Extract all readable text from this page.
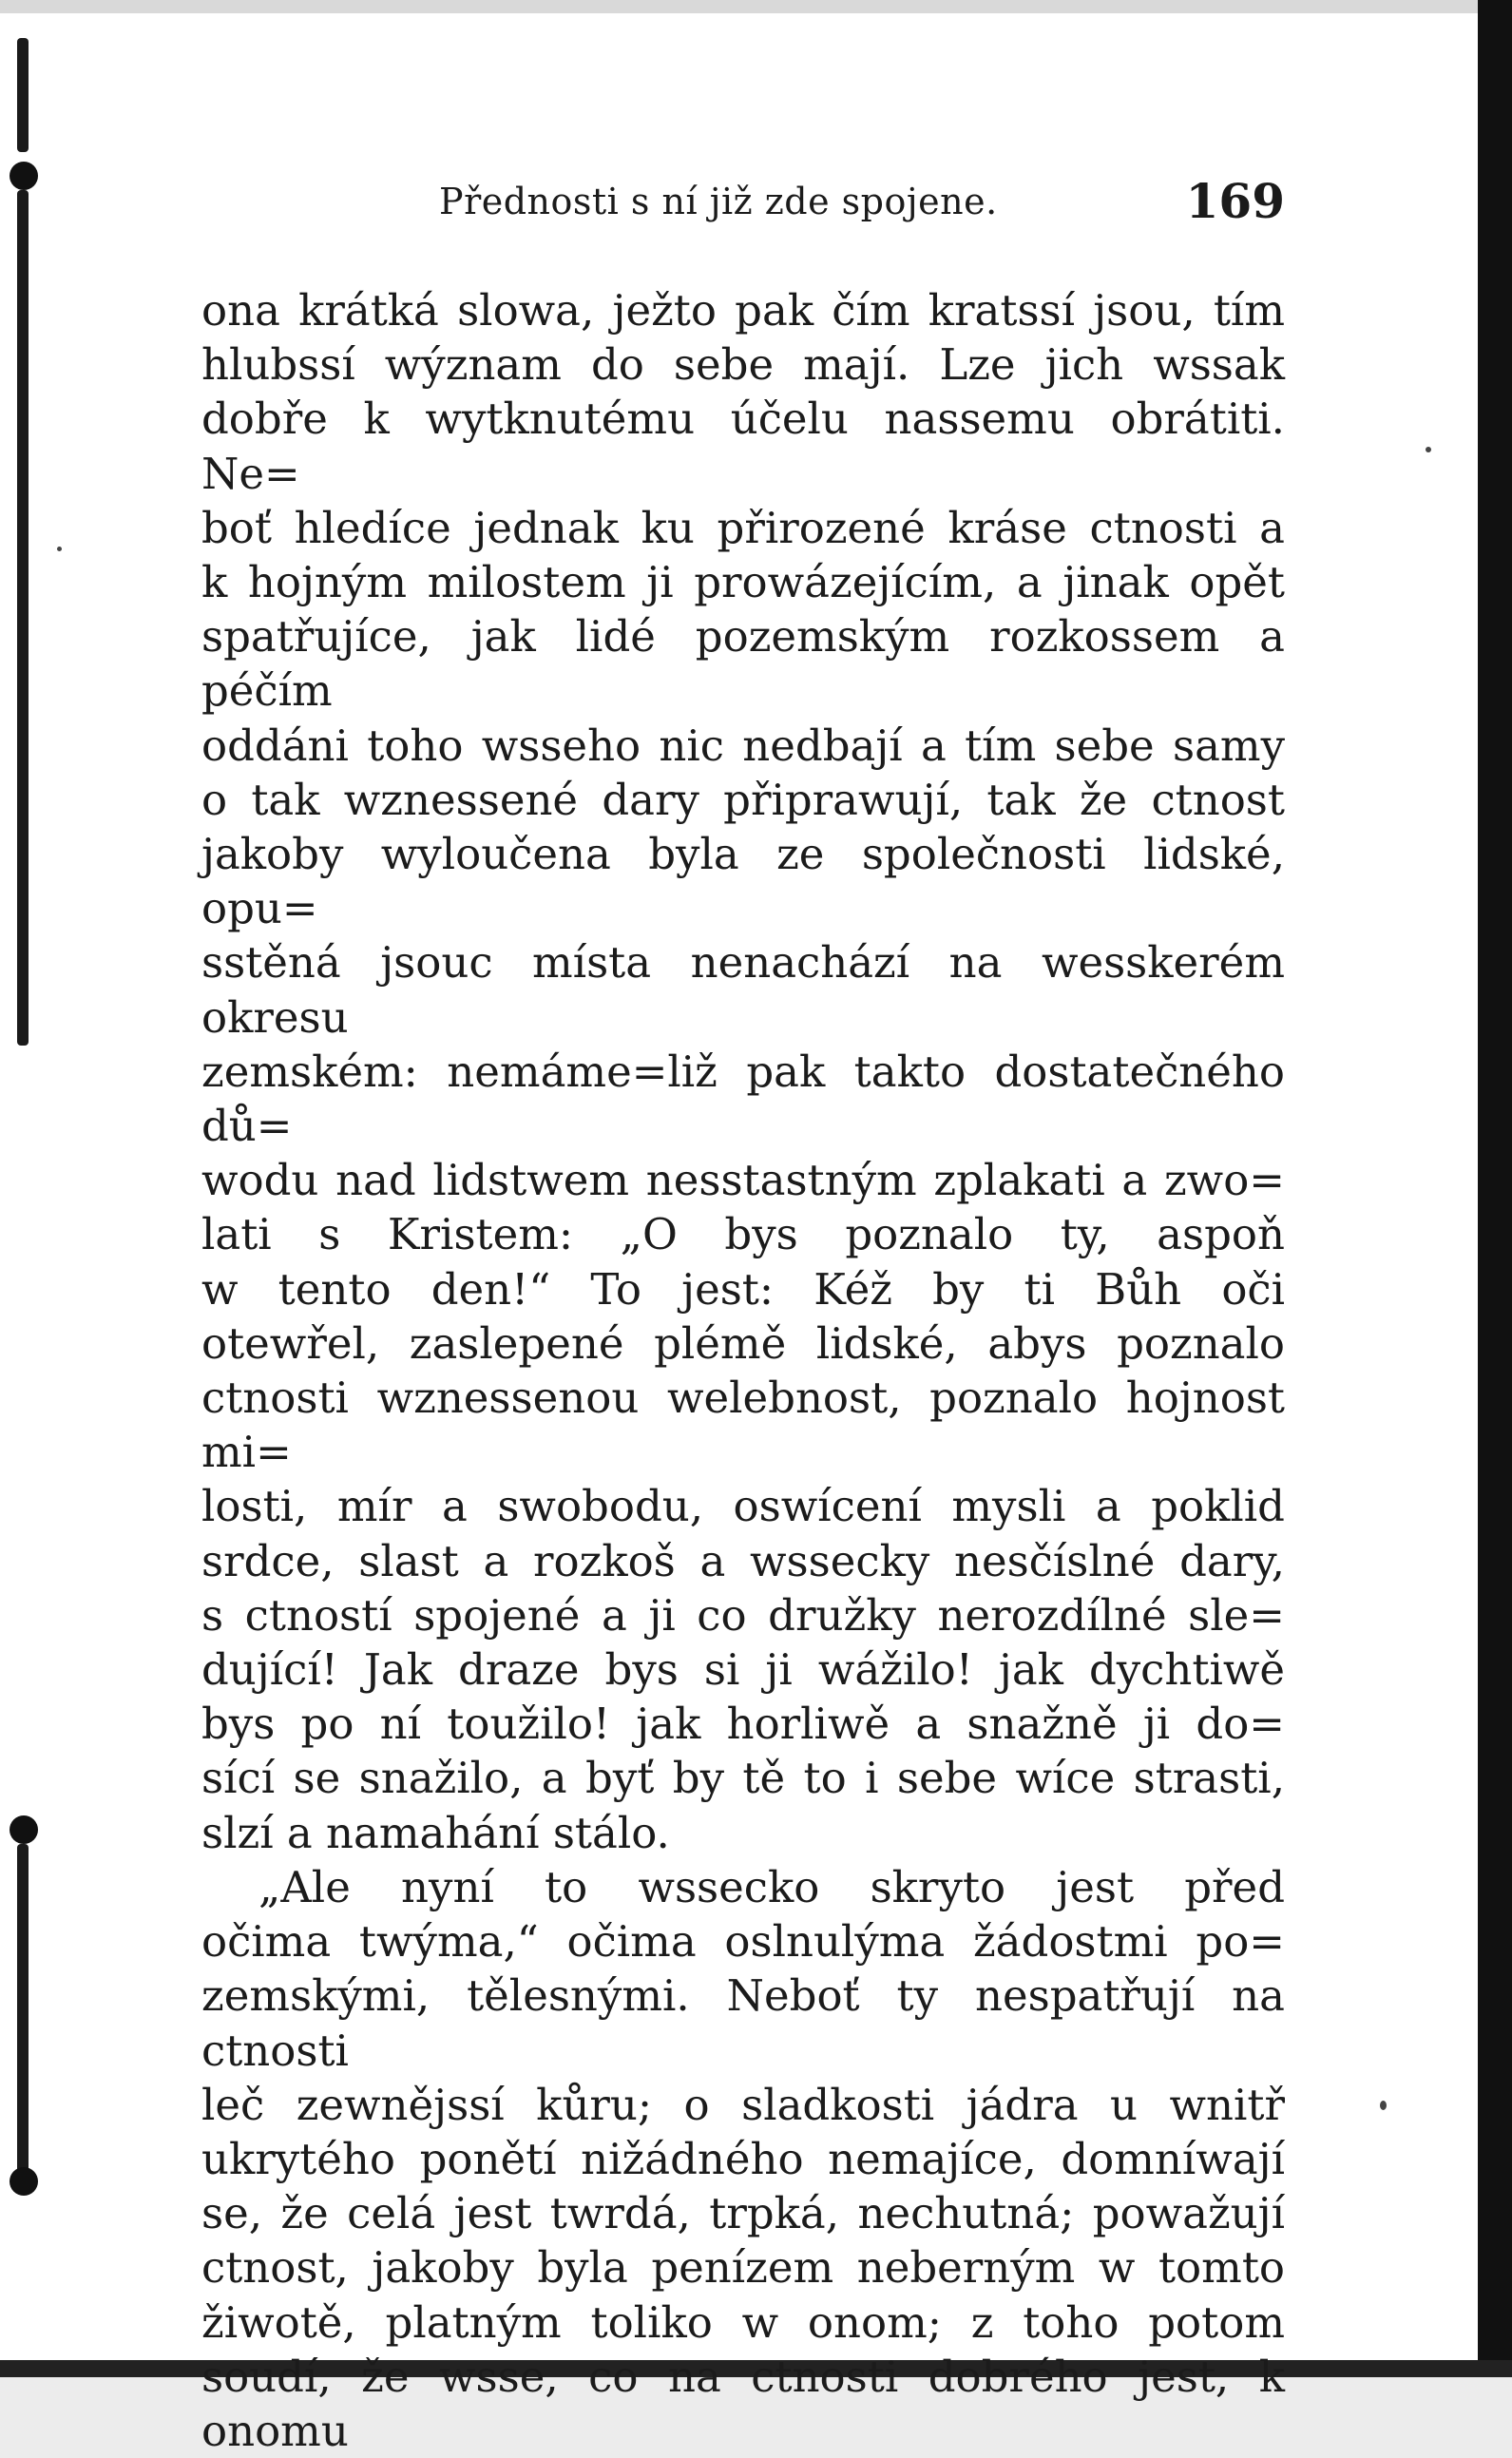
Přednosti s ní již zde spojene.	169

ona krátká slowa, ježto pak čím kratssí jsou, tím

hlubssí wýznam do sebe mají. Lze jich wssak

dobře k wytknutému účelu nassemu obrátiti. Ne=

boť hledíce jednak ku přirozené kráse ctnosti a

k hojným milostem ji prowázejícím, a jinak opět

spatřujíce, jak lidé pozemským rozkossem a péčím

oddáni toho wsseho nic nedbají a tím sebe samy

o tak wznessené dary připrawují, tak že ctnost

jakoby wyloučena byla ze společnosti lidské, opu=

sstěná jsouc místa nenachází na wesskerém okresu

zemském: nemáme=liž pak takto dostatečného dů=

wodu nad lidstwem nesstastným zplakati a zwo=

lati s Kristem: „O bys poznalo ty, aspoň

w tento den!“ To jest: Kéž by ti Bůh oči

otewřel, zaslepené plémě lidské, abys poznalo

ctnosti wznessenou welebnost, poznalo hojnost mi=

losti, mír a swobodu, oswícení mysli a poklid

srdce, slast a rozkoš a wssecky nesčíslné dary,

s ctností spojené a ji co družky nerozdílné sle=

dující! Jak draze bys si ji wážilo! jak dychtiwě

bys po ní toužilo! jak horliwě a snažně ji do=

sící se snažilo, a byť by tě to i sebe wíce strasti,

slzí a namahání stálo.

„Ale nyní to wssecko skryto jest před

očima twýma,“ očima oslnulýma žádostmi po=

zemskými, tělesnými. Neboť ty nespatřují na ctnosti

leč zewnějssí kůru; o sladkosti jádra u wnitř

ukrytého ponětí nižádného nemajíce, domníwají

se, že celá jest twrdá, trpká, nechutná; powažují

ctnost, jakoby byla penízem neberným w tomto

žiwotě, platným toliko w onom; z toho potom

soudí, že wsse, co na ctnosti dobrého jest, k onomu
